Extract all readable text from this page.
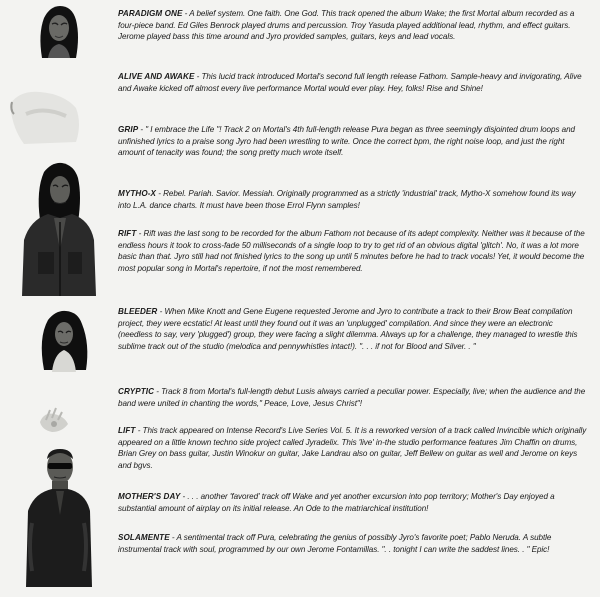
PARADIGM ONE - A belief system. One faith. One God. This track opened the album Wake; the first Mortal album recorded as a four-piece band. Ed Giles Benrock played drums and percussion. Troy Yasuda played additional lead, rhythm, and effect guitars. Jerome played bass this time around and Jyro provided samples, guitars, keys and lead vocals.
ALIVE AND AWAKE - This lucid track introduced Mortal's second full length release Fathom. Sample-heavy and invigorating, Alive and Awake kicked off almost every live performance Mortal would ever play. Hey, folks! Rise and Shine!
GRIP - " I embrace the Life "! Track 2 on Mortal's 4th full-length release Pura began as three seemingly disjointed drum loops and unfinished lyrics to a praise song Jyro had been wrestling to write. Once the correct bpm, the right noise loop, and just the right amount of tenacity was found; the song pretty much wrote itself.
MYTHO-X - Rebel. Pariah. Savior. Messiah. Originally programmed as a strictly 'industrial' track, Mytho-X somehow found its way into L.A. dance charts. It must have been those Errol Flynn samples!
RIFT - Rift was the last song to be recorded for the album Fathom not because of its adept complexity. Neither was it because of the endless hours it took to cross-fade 50 milliseconds of a single loop to try to get rid of an obvious digital 'glitch'. No, it was a lot more basic than that. Jyro still had not finished lyrics to the song up until 5 minutes before he had to track vocals! Yet, it would become the most popular song in Mortal's repertoire, if not the most remembered.
BLEEDER - When Mike Knott and Gene Eugene requested Jerome and Jyro to contribute a track to their Brow Beat compilation project, they were ecstatic! At least until they found out it was an 'unplugged' compilation. And since they were an electronic (needless to say, very 'plugged') group, they were facing a slight dilemma. Always up for a challenge, they managed to wrestle this sublime track out of the studio (melodica and pennywhistles intact!). ". . . if not for Blood and Silver. . "
CRYPTIC - Track 8 from Mortal's full-length debut Lusis always carried a peculiar power. Especially, live; when the audience and the band were united in chanting the words," Peace, Love, Jesus Christ"!
LIFT - This track appeared on Intense Record's Live Series Vol. 5. It is a reworked version of a track called Invincible which originally appeared on a little known techno side project called Jyradelix. This 'live' in-the studio performance features Jim Chaffin on drums, Brian Grey on bass guitar, Justin Winokur on guitar, Jake Landrau also on guitar, Jeff Bellew on guitar as well and Jerome on keys and bgvs.
MOTHER'S DAY - . . . another 'favored' track off Wake and yet another excursion into pop territory; Mother's Day enjoyed a substantial amount of airplay on its initial release. An Ode to the matriarchical institution!
SOLAMENTE - A sentimental track off Pura, celebrating the genius of possibly Jyro's favorite poet; Pablo Neruda. A subtle instrumental track with soul, programmed by our own Jerome Fontamillas. ". . tonight I can write the saddest lines. . " Epic!
